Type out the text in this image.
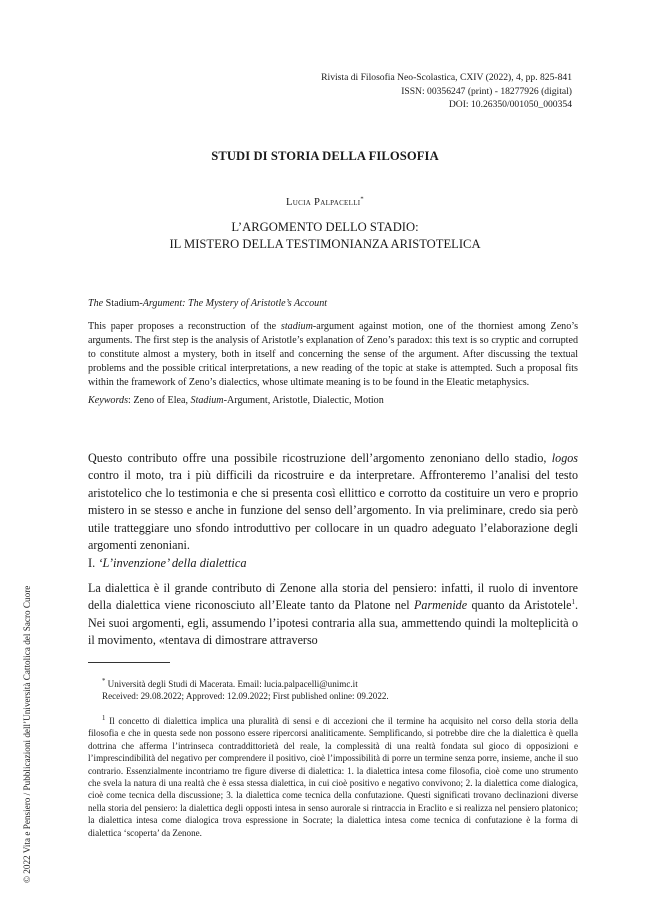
Rivista di Filosofia Neo-Scolastica, CXIV (2022), 4, pp. 825-841
ISSN: 00356247 (print) - 18277926 (digital)
DOI: 10.26350/001050_000354
STUDI DI STORIA DELLA FILOSOFIA
Lucia Palpacelli*
L’ARGOMENTO DELLO STADIO:
IL MISTERO DELLA TESTIMONIANZA ARISTOTELICA
The Stadium-Argument: The Mystery of Aristotle’s Account

This paper proposes a reconstruction of the stadium-argument against motion, one of the thorniest among Zeno’s arguments. The first step is the analysis of Aristotle’s explanation of Zeno’s paradox: this text is so cryptic and corrupted to constitute almost a mystery, both in itself and concerning the sense of the argument. After discussing the textual problems and the possible critical interpretations, a new reading of the topic at stake is attempted. Such a proposal fits within the framework of Zeno’s dialectics, whose ultimate meaning is to be found in the Eleatic metaphysics.

Keywords: Zeno of Elea, Stadium-Argument, Aristotle, Dialectic, Motion

Questo contributo offre una possibile ricostruzione dell’argomento zenoniano dello stadio, logos contro il moto, tra i più difficili da ricostruire e da interpretare. Affronteremo l’analisi del testo aristotelico che lo testimonia e che si presenta così ellittico e corrotto da costituire un vero e proprio mistero in se stesso e anche in funzione del senso dell’argomento. In via preliminare, credo sia però utile tratteggiare uno sfondo introduttivo per collocare in un quadro adeguato l’elaborazione degli argomenti zenoniani.

I. ‘L’invenzione’ della dialettica

La dialettica è il grande contributo di Zenone alla storia del pensiero: infatti, il ruolo di inventore della dialettica viene riconosciuto all’Eleate tanto da Platone nel Parmenide quanto da Aristotele$^1$. Nei suoi argomenti, egli, assumendo l’ipotesi contraria alla sua, ammettendo quindi la molteplicità o il movimento, «tentava di dimostrare attraverso

* Università degli Studi di Macerata. Email: lucia.palpacelli@unimc.it
Received: 29.08.2022; Approved: 12.09.2022; First published online: 09.2022.

$^1$ Il concetto di dialettica implica una pluralità di sensi e di accezioni che il termine ha acquisito nel corso della storia della filosofia e che in questa sede non possono essere ripercorsi analiticamente. Semplificando, si potrebbe dire che la dialettica è quella dottrina che afferma l’intrinseca contraddittorietà del reale, la complessità di una realtà fondata sul gioco di opposizioni e l’imprescindibilità del negativo per comprendere il positivo, cioè l’impossibilità di porre un termine senza porre, insieme, anche il suo contrario. Essenzialmente incontriamo tre figure diverse di dialettica: 1. la dialettica intesa come filosofia, cioè come uno strumento che svela la natura di una realtà che è essa stessa dialettica, in cui cioè positivo e negativo convivono; 2. la dialettica come dialogica, cioè come tecnica della discussione; 3. la dialettica come tecnica della confutazione. Questi significati trovano declinazioni diverse nella storia del pensiero: la dialettica degli opposti intesa in senso aurorale si rintraccia in Eraclito e si realizza nel pensiero platonico; la dialettica intesa come dialogica trova espressione in Socrate; la dialettica intesa come tecnica di confutazione è la forma di dialettica ‘scoperta’ da Zenone.

© 2022 Vita e Pensiero / Pubblicazioni dell’Università Cattolica del Sacro Cuore
